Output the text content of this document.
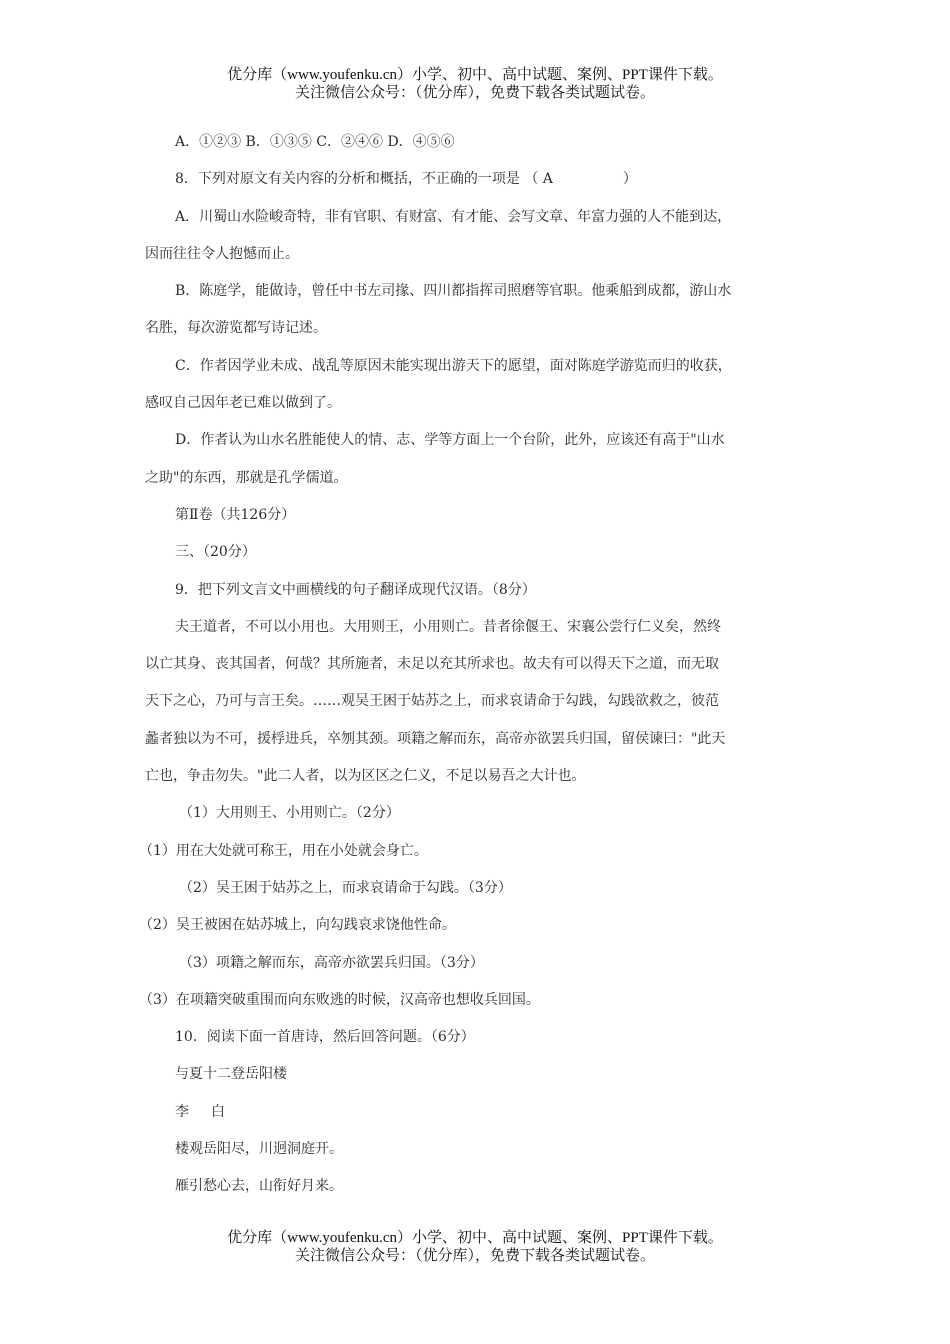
优分库（www.youfenku.cn）小学、初中、高中试题、案例、PPT课件下载。
关注微信公众号：（优分库），免费下载各类试题试卷。

A．①②③ B．①③⑤ C．②④⑥ D．④⑤⑥

8．下列对原文有关内容的分析和概括，不正确的一项是 （ A	）

A．川蜀山水险峻奇特，非有官职、有财富、有才能、会写文章、年富力强的人不能到达，

因而往往令人抱憾而止。

B．陈庭学，能做诗，曾任中书左司掾、四川都指挥司照磨等官职。他乘船到成都，游山水

名胜，每次游览都写诗记述。

C．作者因学业未成、战乱等原因未能实现出游天下的愿望，面对陈庭学游览而归的收获，

感叹自己因年老已难以做到了。

D．作者认为山水名胜能使人的情、志、学等方面上一个台阶，此外，应该还有高于"山水

之助"的东西，那就是孔学儒道。

第Ⅱ卷（共126分）

三、（20分）

9．把下列文言文中画横线的句子翻译成现代汉语。（8分）

夫王道者，不可以小用也。大用则王，小用则亡。昔者徐偃王、宋襄公尝行仁义矣，然终

以亡其身、丧其国者，何哉？其所施者，未足以充其所求也。故夫有可以得天下之道，而无取

天下之心，乃可与言王矣。……观吴王困于姑苏之上，而求哀请命于勾践，勾践欲救之，彼范

蠡者独以为不可，援桴进兵，卒刎其颈。项籍之解而东，高帝亦欲罢兵归国，留侯谏曰："此天

亡也，争击勿失。"此二人者，以为区区之仁义，不足以易吾之大计也。

（1）大用则王、小用则亡。（2分）

（1）用在大处就可称王，用在小处就会身亡。

（2）吴王困于姑苏之上，而求哀请命于勾践。（3分）

（2）吴王被困在姑苏城上，向勾践哀求饶他性命。

（3）项籍之解而东，高帝亦欲罢兵归国。（3分）

（3）在项籍突破重围而向东败逃的时候，汉高帝也想收兵回国。

10．阅读下面一首唐诗，然后回答问题。（6分）

与夏十二登岳阳楼

李 白

楼观岳阳尽，川迥洞庭开。

雁引愁心去，山衔好月来。

优分库（www.youfenku.cn）小学、初中、高中试题、案例、PPT课件下载。
关注微信公众号：（优分库），免费下载各类试题试卷。
